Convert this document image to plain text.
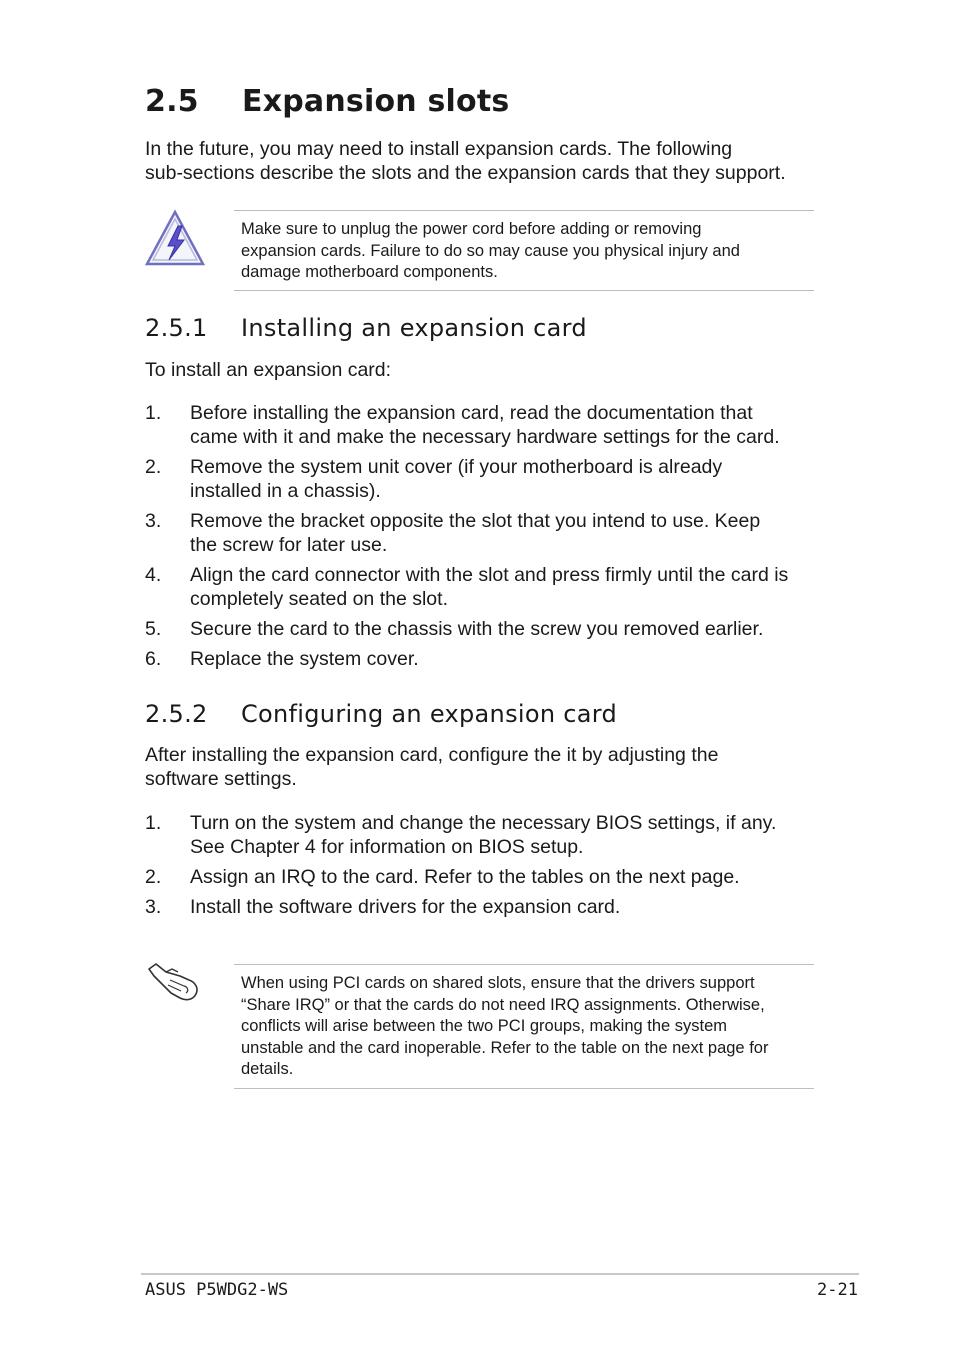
2.5 Expansion slots
In the future, you may need to install expansion cards. The following
sub-sections describe the slots and the expansion cards that they support.
Make sure to unplug the power cord before adding or removing
expansion cards. Failure to do so may cause you physical injury and
damage motherboard components.
2.5.1 Installing an expansion card
To install an expansion card:
1. Before installing the expansion card, read the documentation that
came with it and make the necessary hardware settings for the card.
2. Remove the system unit cover (if your motherboard is already
installed in a chassis).
3. Remove the bracket opposite the slot that you intend to use. Keep
the screw for later use.
4. Align the card connector with the slot and press firmly until the card is
completely seated on the slot.
5. Secure the card to the chassis with the screw you removed earlier.
6. Replace the system cover.
2.5.2 Configuring an expansion card
After installing the expansion card, configure the it by adjusting the
software settings.
1. Turn on the system and change the necessary BIOS settings, if any.
See Chapter 4 for information on BIOS setup.
2. Assign an IRQ to the card. Refer to the tables on the next page.
3. Install the software drivers for the expansion card.
When using PCI cards on shared slots, ensure that the drivers support
“Share IRQ” or that the cards do not need IRQ assignments. Otherwise,
conflicts will arise between the two PCI groups, making the system
unstable and the card inoperable. Refer to the table on the next page for
details.
ASUS P5WDG2-WS	2-21
